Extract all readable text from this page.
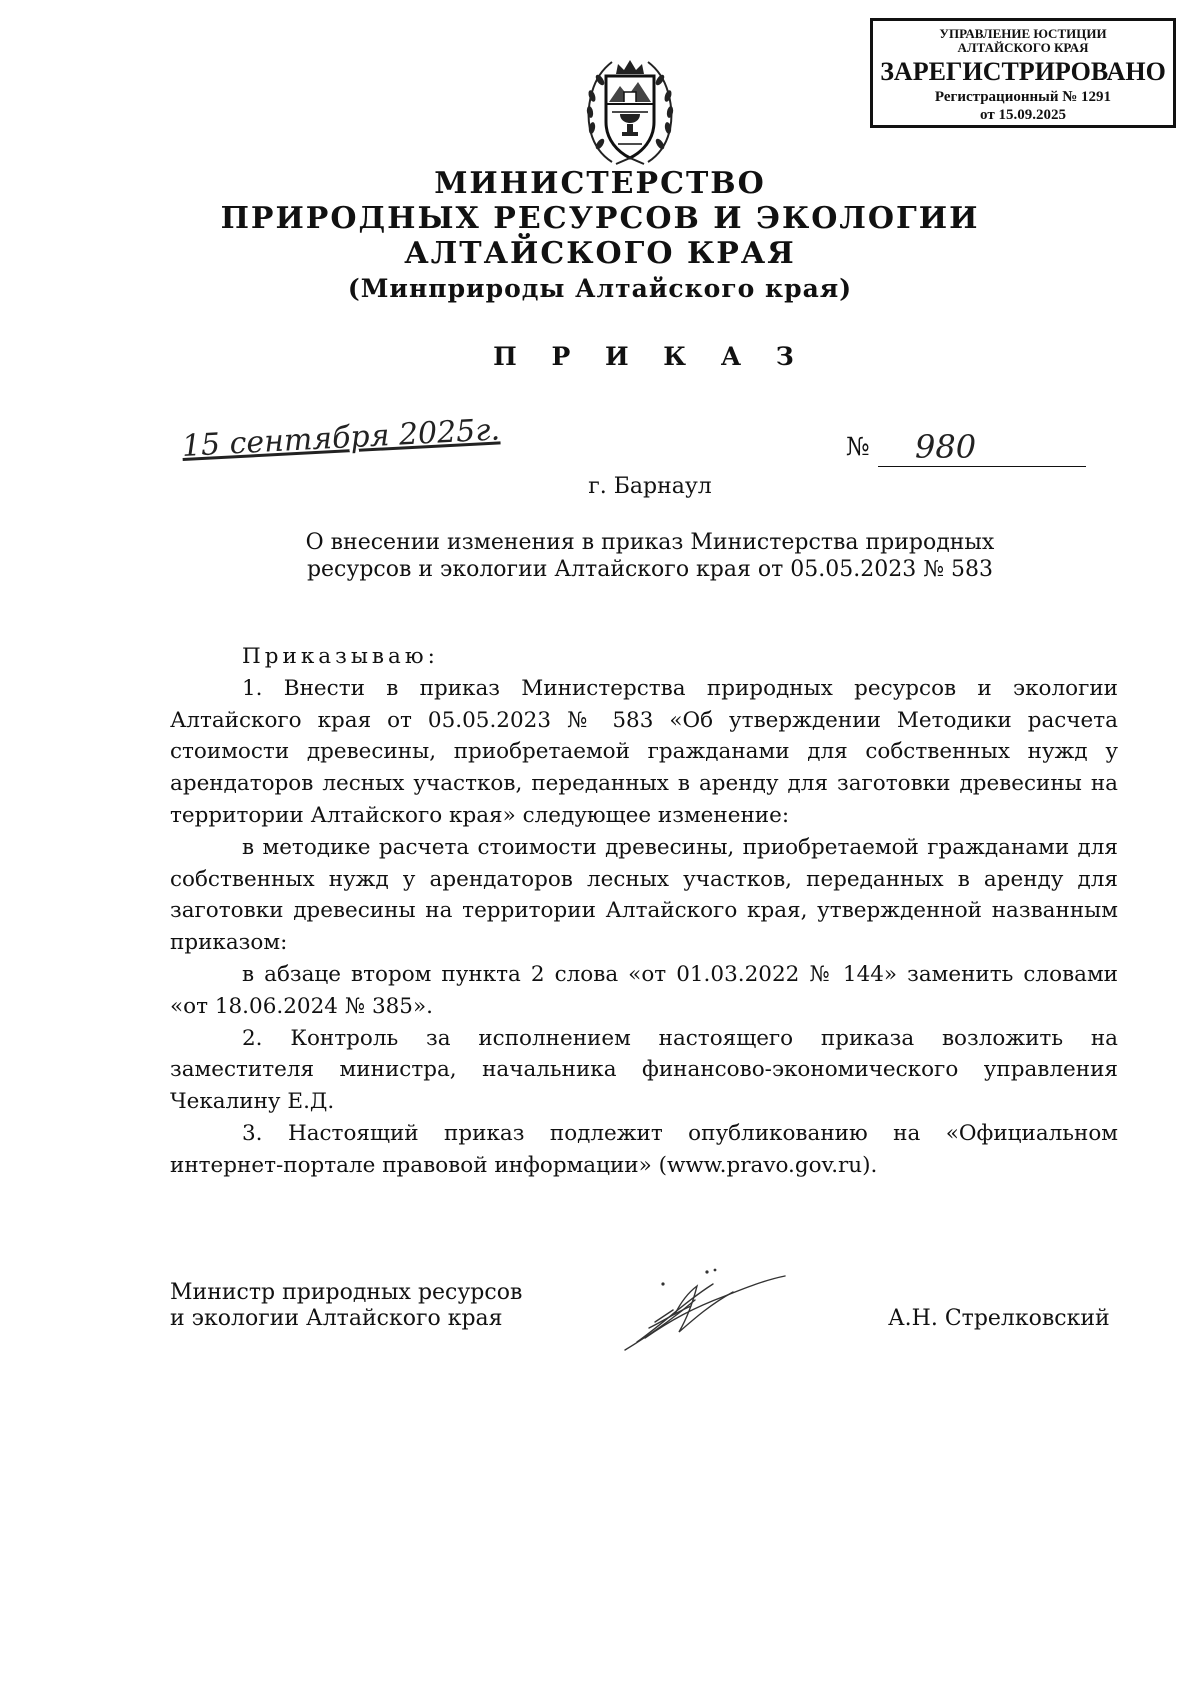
УПРАВЛЕНИЕ ЮСТИЦИИ
АЛТАЙСКОГО КРАЯ
ЗАРЕГИСТРИРОВАНО
Регистрационный № 1291
от 15.09.2025
МИНИСТЕРСТВО
ПРИРОДНЫХ РЕСУРСОВ И ЭКОЛОГИИ
АЛТАЙСКОГО КРАЯ
(Минприроды Алтайского края)
П Р И К А З
15 сентября 2025г.	№ 980
г. Барнаул
О внесении изменения в приказ Министерства природных
ресурсов и экологии Алтайского края от 05.05.2023 № 583

Приказываю:

1. Внести в приказ Министерства природных ресурсов и экологии Алтайского края от 05.05.2023 № 583 «Об утверждении Методики расчета стоимости древесины, приобретаемой гражданами для собственных нужд у арендаторов лесных участков, переданных в аренду для заготовки древесины на территории Алтайского края» следующее изменение:

в методике расчета стоимости древесины, приобретаемой гражданами для собственных нужд у арендаторов лесных участков, переданных в аренду для заготовки древесины на территории Алтайского края, утвержденной названным приказом:

в абзаце втором пункта 2 слова «от 01.03.2022 № 144» заменить словами «от 18.06.2024 № 385».

2. Контроль за исполнением настоящего приказа возложить на заместителя министра, начальника финансово-экономического управления Чекалину Е.Д.

3. Настоящий приказ подлежит опубликованию на «Официальном интернет-портале правовой информации» (www.pravo.gov.ru).

Министр природных ресурсов
и экологии Алтайского края	А.Н. Стрелковский
